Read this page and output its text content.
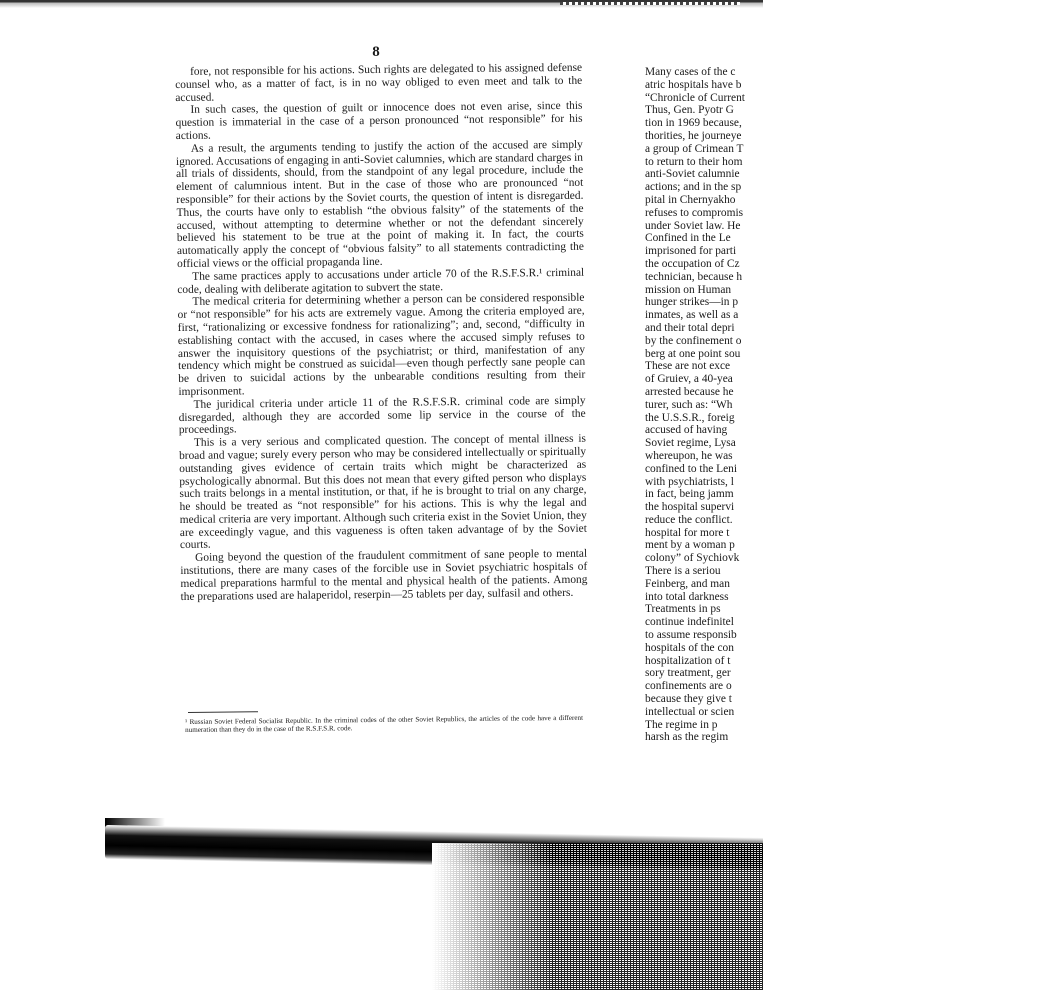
8

fore, not responsible for his actions. Such rights are delegated to his assigned defense counsel who, as a matter of fact, is in no way obliged to even meet and talk to the accused.

In such cases, the question of guilt or innocence does not even arise, since this question is immaterial in the case of a person pronounced “not responsible” for his actions.

As a result, the arguments tending to justify the action of the accused are simply ignored. Accusations of engaging in anti-Soviet calumnies, which are standard charges in all trials of dissidents, should, from the standpoint of any legal procedure, include the element of calumnious intent. But in the case of those who are pronounced “not responsible” for their actions by the Soviet courts, the question of intent is disregarded. Thus, the courts have only to establish “the obvious falsity” of the statements of the accused, without attempting to determine whether or not the defendant sincerely believed his statement to be true at the point of making it. In fact, the courts automatically apply the concept of “obvious falsity” to all statements contradicting the official views or the official propaganda line.

The same practices apply to accusations under article 70 of the R.S.F.S.R.¹ criminal code, dealing with deliberate agitation to subvert the state.

The medical criteria for determining whether a person can be considered responsible or “not responsible” for his acts are extremely vague. Among the criteria employed are, first, “rationalizing or excessive fondness for rationalizing”; and, second, “difficulty in establishing contact with the accused, in cases where the accused simply refuses to answer the inquisitory questions of the psychiatrist; or third, manifestation of any tendency which might be construed as suicidal—even though perfectly sane people can be driven to suicidal actions by the unbearable conditions resulting from their imprisonment.

The juridical criteria under article 11 of the R.S.F.S.R. criminal code are simply disregarded, although they are accorded some lip service in the course of the proceedings.

This is a very serious and complicated question. The concept of mental illness is broad and vague; surely every person who may be considered intellectually or spiritually outstanding gives evidence of certain traits which might be characterized as psychologically abnormal. But this does not mean that every gifted person who displays such traits belongs in a mental institution, or that, if he is brought to trial on any charge, he should be treated as “not responsible” for his actions. This is why the legal and medical criteria are very important. Although such criteria exist in the Soviet Union, they are exceedingly vague, and this vagueness is often taken advantage of by the Soviet courts.

Going beyond the question of the fraudulent commitment of sane people to mental institutions, there are many cases of the forcible use in Soviet psychiatric hospitals of medical preparations harmful to the mental and physical health of the patients. Among the preparations used are halaperidol, reserpin—25 tablets per day, sulfasil and others.

¹ Russian Soviet Federal Socialist Republic. In the criminal codes of the other Soviet Republics, the articles of the code have a different numeration than they do in the case of the R.S.F.S.R. code.
Many cases of the c
atric hospitals have b
“Chronicle of Current
Thus, Gen. Pyotr G
tion in 1969 because,
thorities, he journeye
a group of Crimean T
to return to their hom
anti-Soviet calumnie
actions; and in the sp
pital in Chernyakho
refuses to compromis
under Soviet law. He
Confined in the Le
imprisoned for parti
the occupation of Cz
technician, because h
mission on Human
hunger strikes—in p
inmates, as well as a
and their total depri
by the confinement o
berg at one point sou
These are not exce
of Gruiev, a 40-yea
arrested because he
turer, such as: “Wh
the U.S.S.R., foreig
accused of having
Soviet regime, Lysa
whereupon, he was
confined to the Leni
with psychiatrists, l
in fact, being jamm
the hospital supervi
reduce the conflict.
hospital for more t
ment by a woman p
colony” of Sychiovk
There is a seriou
Feinberg, and man
into total darkness
Treatments in ps
continue indefinitel
to assume responsib
hospitals of the con
hospitalization of t
sory treatment, ger
confinements are o
because they give t
intellectual or scien
The regime in p
harsh as the regim
